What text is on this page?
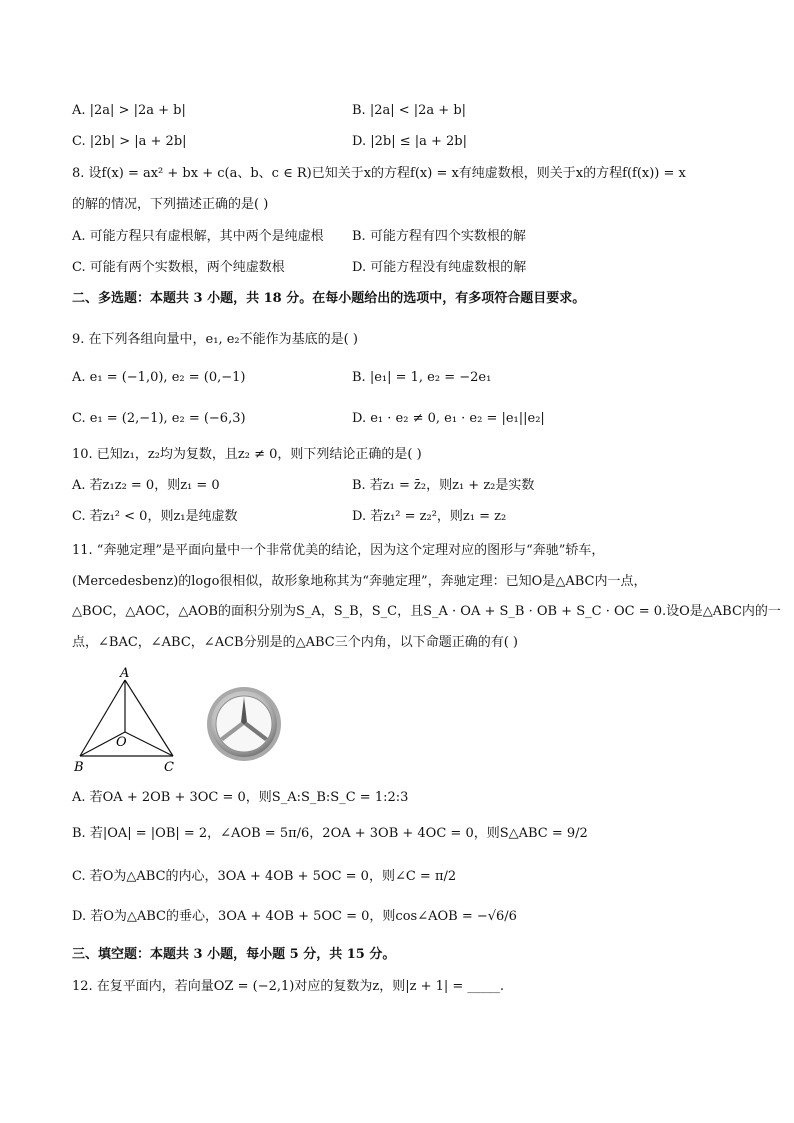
A. |2a| > |2a + b|	B. |2a| < |2a + b|
C. |2b| > |a + 2b|	D. |2b| ≤ |a + 2b|
8. 设f(x) = ax² + bx + c(a、b、c ∈ R)已知关于x的方程f(x) = x有纯虚数根，则关于x的方程f(f(x)) = x
的解的情况，下列描述正确的是( )
A. 可能方程只有虚根解，其中两个是纯虚根 B. 可能方程有四个实数根的解
C. 可能有两个实数根，两个纯虚数根	D. 可能方程没有纯虚数根的解
二、多选题：本题共 3 小题，共 18 分。在每小题给出的选项中，有多项符合题目要求。
9. 在下列各组向量中，e₁, e₂不能作为基底的是( )
A. e₁ = (−1,0), e₂ = (0,−1)	B. |e₁| = 1, e₂ = −2e₁
C. e₁ = (2,−1), e₂ = (−6,3)	D. e₁ · e₂ ≠ 0, e₁ · e₂ = |e₁||e₂|
10. 已知z₁，z₂均为复数，且z₂ ≠ 0，则下列结论正确的是( )
A. 若z₁z₂ = 0，则z₁ = 0	B. 若z₁ = z̄₂，则z₁ + z₂是实数
C. 若z₁² < 0，则z₁是纯虚数	D. 若z₁² = z₂²，则z₁ = z₂
11. “奔驰定理”是平面向量中一个非常优美的结论，因为这个定理对应的图形与“奔驰”轿车，
(Mercedesbenz)的logo很相似，故形象地称其为“奔驰定理”，奔驰定理：已知O是△ABC内一点，
△BOC，△AOC，△AOB的面积分别为S_A，S_B，S_C，且S_A · OA + S_B · OB + S_C · OC = 0.设O是△ABC内的一
点，∠BAC，∠ABC，∠ACB分别是的△ABC三个内角，以下命题正确的有( )
A
B	C
O
A. 若OA + 2OB + 3OC = 0，则S_A:S_B:S_C = 1:2:3
B. 若|OA| = |OB| = 2，∠AOB = 5π/6，2OA + 3OB + 4OC = 0，则S△ABC = 9/2
C. 若O为△ABC的内心，3OA + 4OB + 5OC = 0，则∠C = π/2
D. 若O为△ABC的垂心，3OA + 4OB + 5OC = 0，则cos∠AOB = −√6/6
三、填空题：本题共 3 小题，每小题 5 分，共 15 分。
12. 在复平面内，若向量OZ = (−2,1)对应的复数为z，则|z + 1| = _____.
